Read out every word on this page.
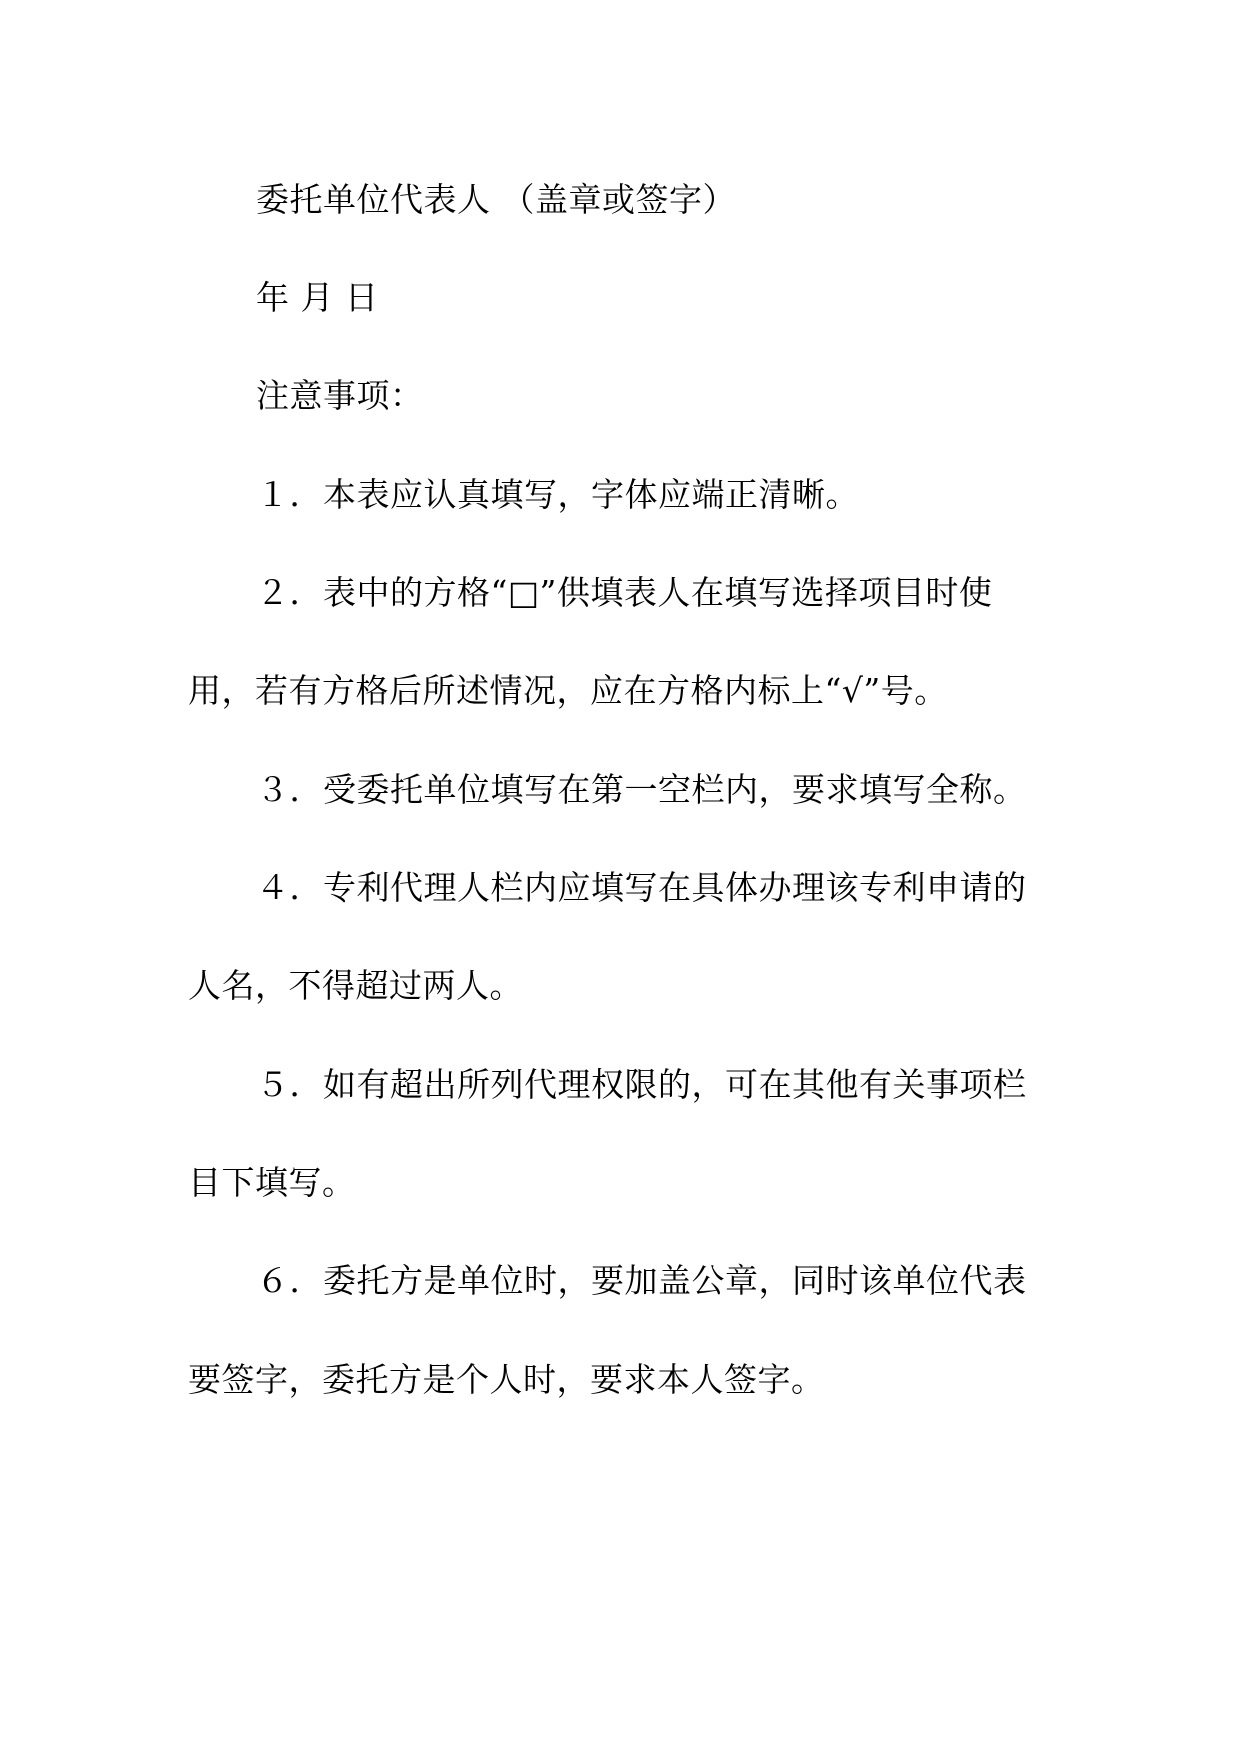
委托单位代表人 （盖章或签字）
年 月 日
注意事项：
１．本表应认真填写，字体应端正清晰。
２．表中的方格“□”供填表人在填写选择项目时使
用，若有方格后所述情况，应在方格内标上“√”号。
３．受委托单位填写在第一空栏内，要求填写全称。
４．专利代理人栏内应填写在具体办理该专利申请的
人名，不得超过两人。
５．如有超出所列代理权限的，可在其他有关事项栏
目下填写。
６．委托方是单位时，要加盖公章，同时该单位代表
要签字，委托方是个人时，要求本人签字。
